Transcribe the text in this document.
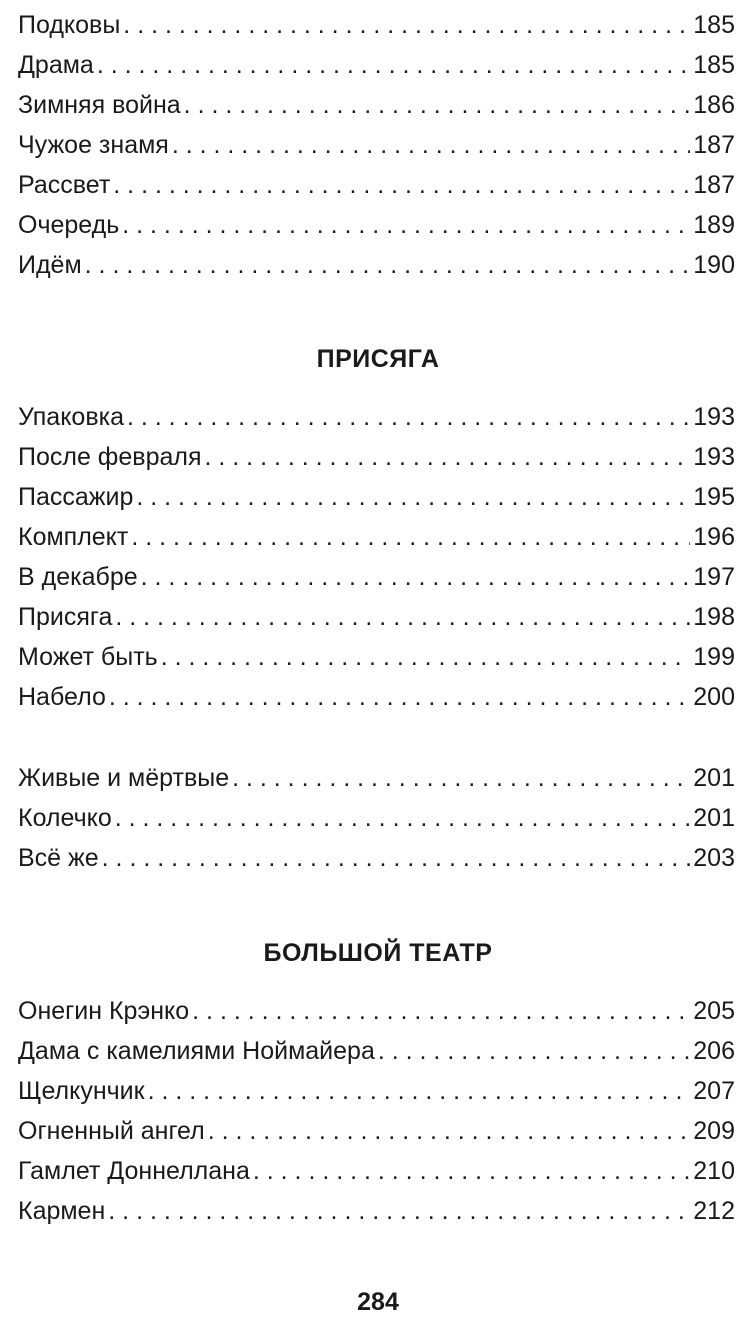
Подковы . . .	185
Драма . . .	185
Зимняя война . . .	186
Чужое знамя . . .	187
Рассвет . . .	187
Очередь . . .	189
Идём . . .	190
ПРИСЯГА
Упаковка . . .	193
После февраля . . .	193
Пассажир . . .	195
Комплект . . .	196
В декабре . . .	197
Присяга . . .	198
Может быть . . .	199
Набело . . .	200
Живые и мёртвые . . .	201
Колечко . . .	201
Всё же . . .	203
БОЛЬШОЙ ТЕАТР
Онегин Крэнко . . .	205
Дама с камелиями Ноймайера . . .	206
Щелкунчик . . .	207
Огненный ангел . . .	209
Гамлет Доннеллана . . .	210
Кармен . . .	212
284
